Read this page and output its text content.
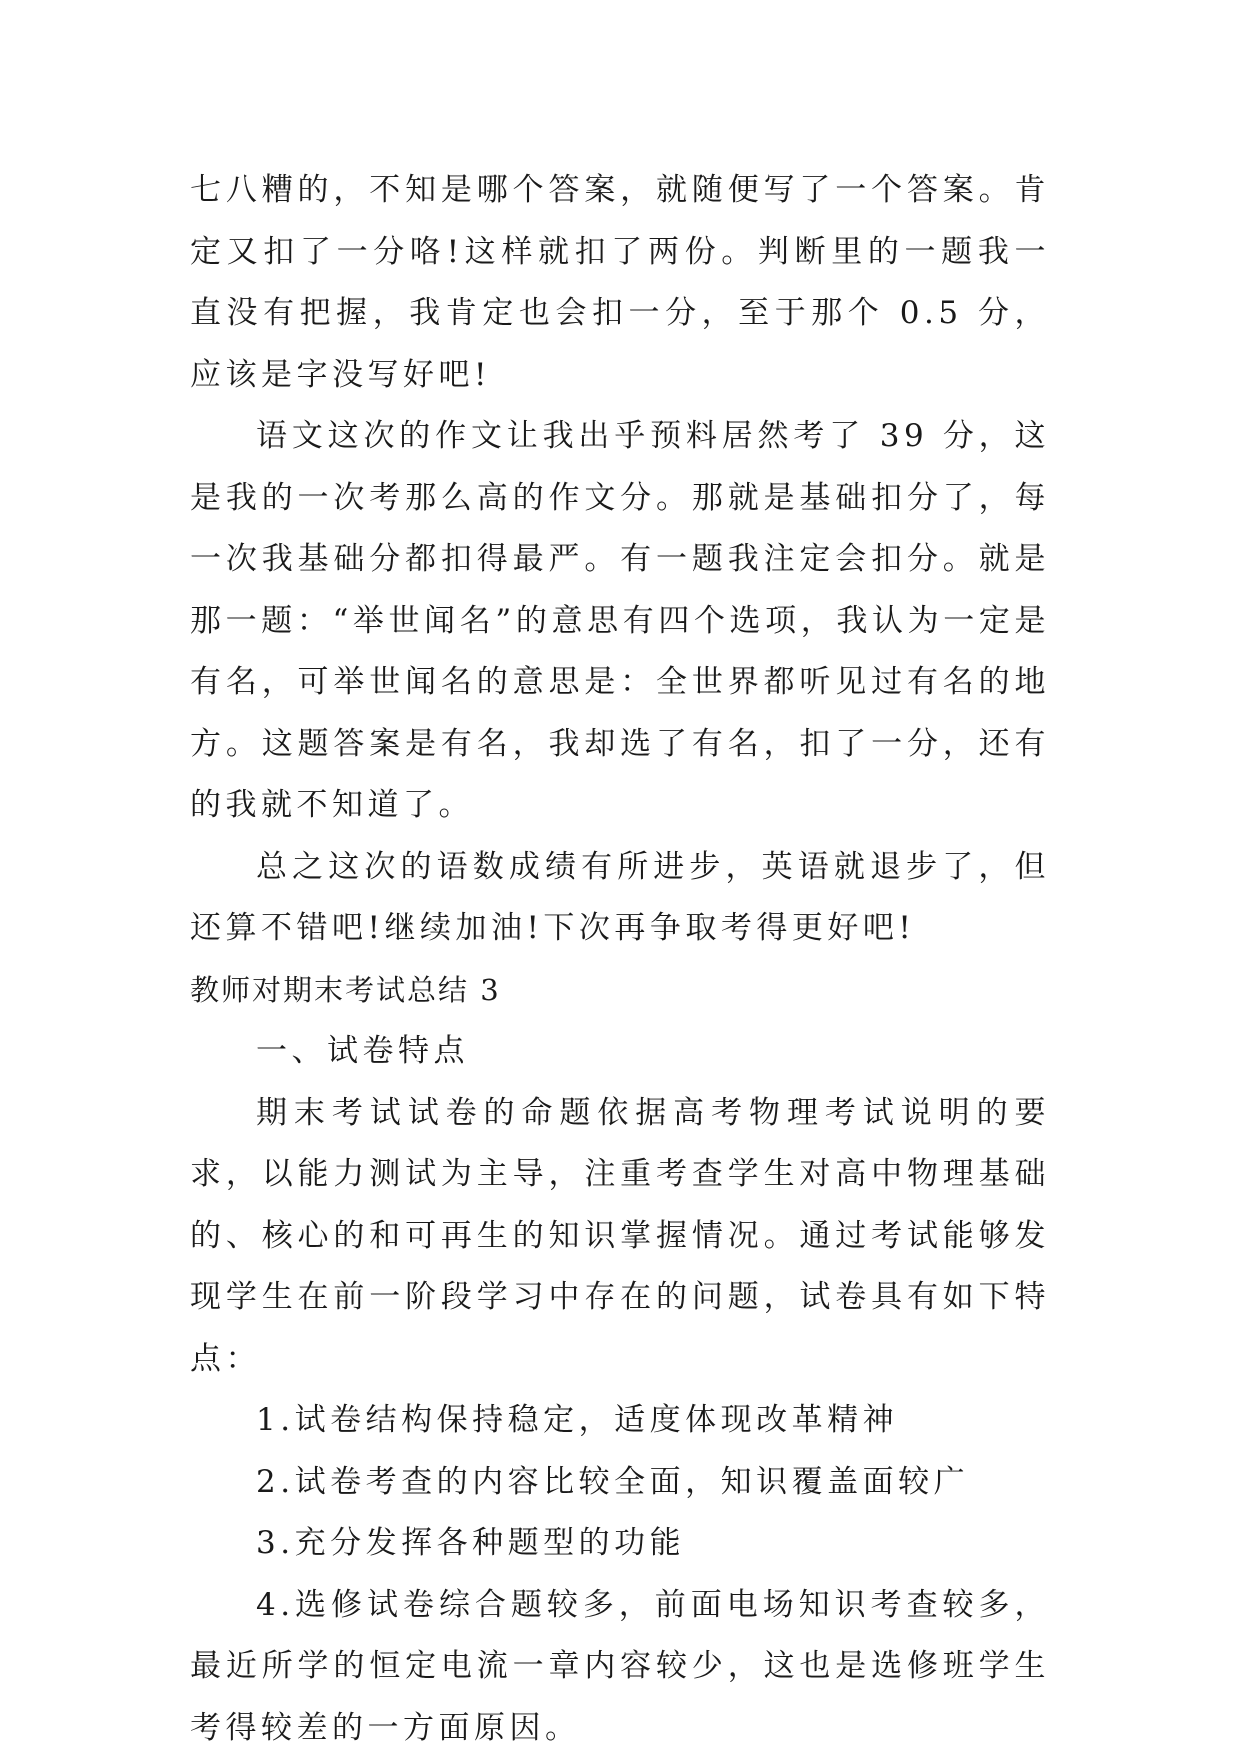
七八糟的，不知是哪个答案，就随便写了一个答案。肯定又扣了一分咯!这样就扣了两份。判断里的一题我一直没有把握，我肯定也会扣一分，至于那个 0.5 分，应该是字没写好吧!

语文这次的作文让我出乎预料居然考了 39 分，这是我的一次考那么高的作文分。那就是基础扣分了，每一次我基础分都扣得最严。有一题我注定会扣分。就是那一题：“举世闻名”的意思有四个选项，我认为一定是有名，可举世闻名的意思是：全世界都听见过有名的地方。这题答案是有名，我却选了有名，扣了一分，还有的我就不知道了。

总之这次的语数成绩有所进步，英语就退步了，但还算不错吧!继续加油!下次再争取考得更好吧!

教师对期末考试总结 3

一、试卷特点

期末考试试卷的命题依据高考物理考试说明的要求，以能力测试为主导，注重考查学生对高中物理基础的、核心的和可再生的知识掌握情况。通过考试能够发现学生在前一阶段学习中存在的问题，试卷具有如下特点：

1.试卷结构保持稳定，适度体现改革精神

2.试卷考查的内容比较全面，知识覆盖面较广

3.充分发挥各种题型的功能

4.选修试卷综合题较多，前面电场知识考查较多，最近所学的恒定电流一章内容较少，这也是选修班学生考得较差的一方面原因。
